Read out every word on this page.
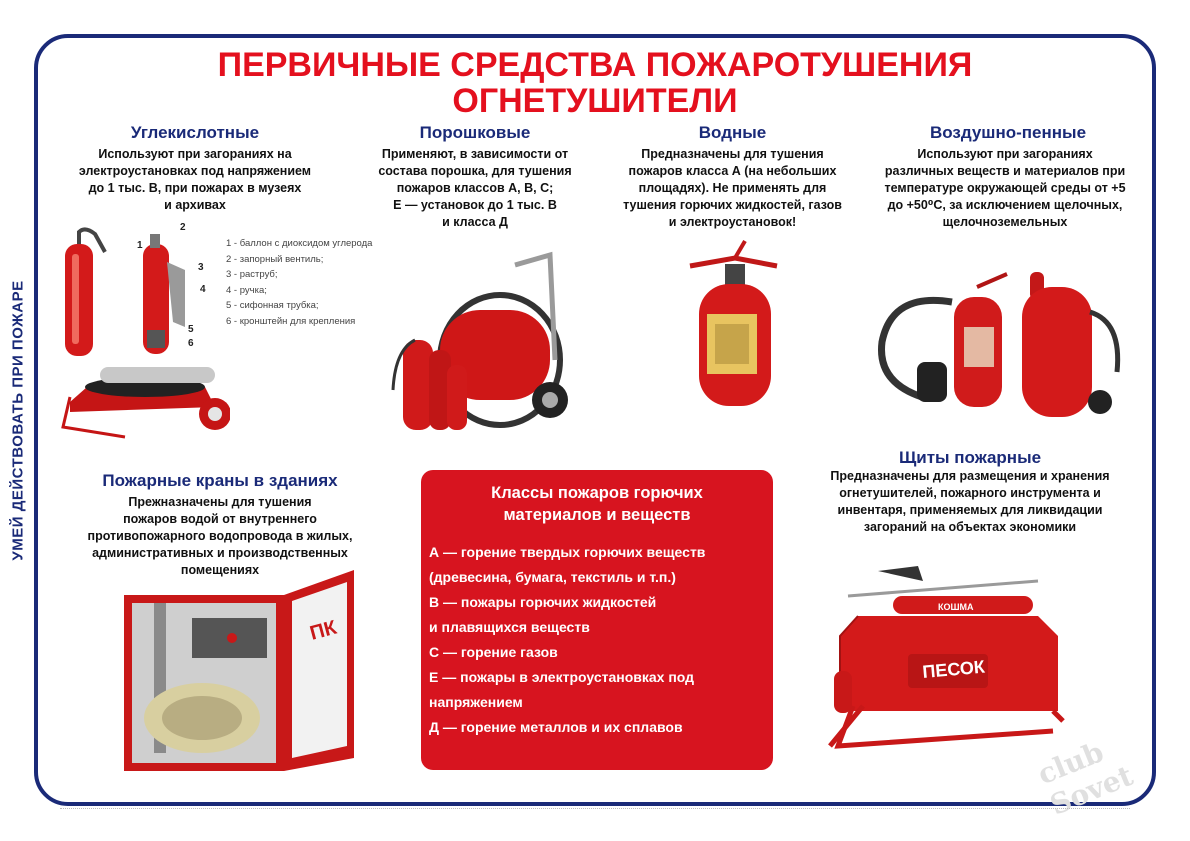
УМЕЙ ДЕЙСТВОВАТЬ ПРИ ПОЖАРЕ
ПЕРВИЧНЫЕ СРЕДСТВА ПОЖАРОТУШЕНИЯ
ОГНЕТУШИТЕЛИ
Углекислотные
Используют при загораниях на
электроустановках под напряжением
до 1 тыс. В, при пожарах в музеях
и архивах
1
2
3
4
5
6
1 - баллон с диоксидом углерода
2 - запорный вентиль;
3 - раструб;
4 - ручка;
5 - сифонная трубка;
6 - кронштейн для крепления
Порошковые
Применяют, в зависимости от
состава порошка, для тушения
пожаров классов А, В, С;
Е — установок до 1 тыс. В
и класса Д
Водные
Предназначены для тушения
пожаров класса А (на небольших
площадях). Не применять для
тушения горючих жидкостей, газов
и электроустановок!
Воздушно-пенные
Используют при загораниях
различных веществ и материалов при
температуре окружающей среды от +5
до +50⁰С, за исключением щелочных,
щелочноземельных
Пожарные краны в зданиях
Прежназначены для тушения
пожаров водой от внутреннего
противопожарного водопровода в жилых,
административных и производственных
помещениях
ПК
Классы пожаров горючих
материалов и веществ
А — горение твердых горючих веществ
(древесина, бумага, текстиль и т.п.)
В — пожары горючих жидкостей
и плавящихся веществ
С — горение газов
Е — пожары в электроустановках под
напряжением
Д — горение металлов и их сплавов
Щиты пожарные
Предназначены для размещения и хранения
огнетушителей, пожарного инструмента и
инвентаря, применяемых для ликвидации
загораний на объектах экономики
ПЕСОК
КОШМА
club Sovet
